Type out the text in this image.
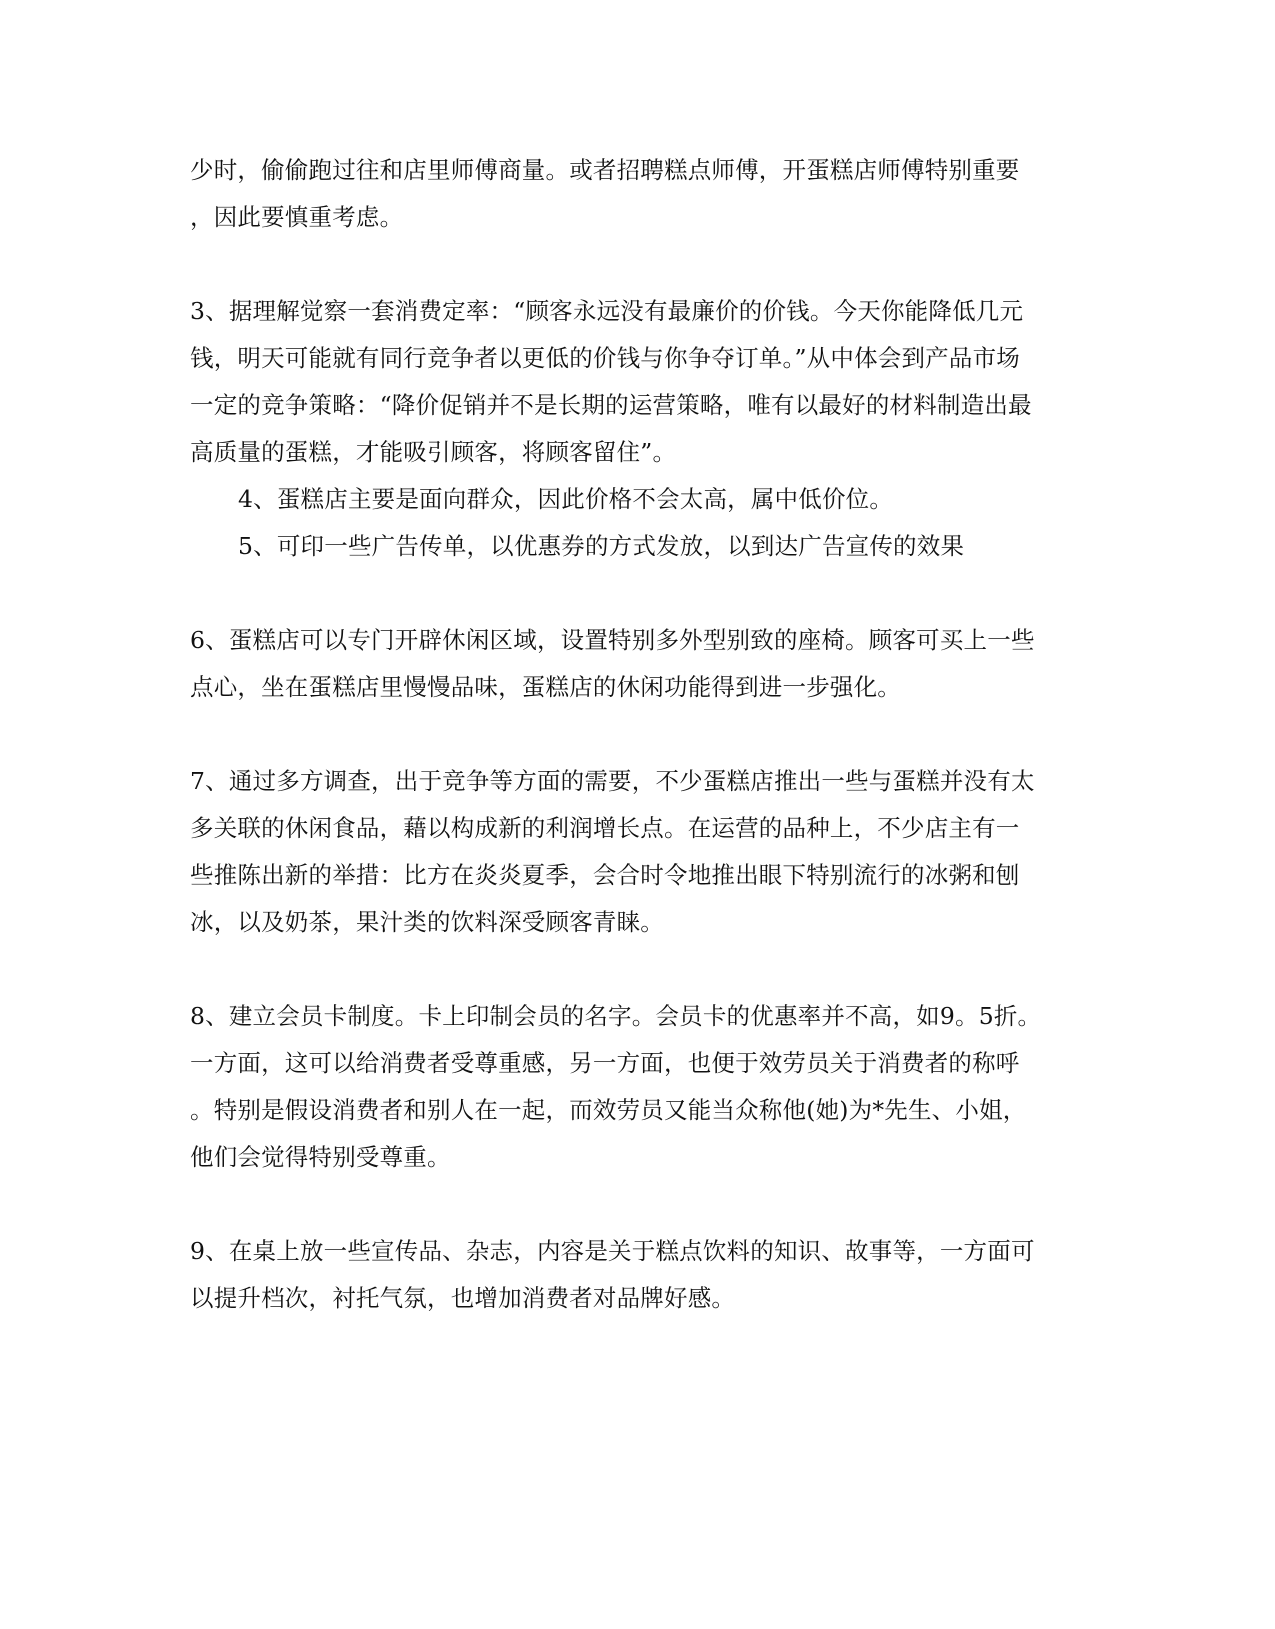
少时，偷偷跑过往和店里师傅商量。或者招聘糕点师傅，开蛋糕店师傅特别重要
，因此要慎重考虑。
3、据理解觉察一套消费定率：“顾客永远没有最廉价的价钱。今天你能降低几元
钱，明天可能就有同行竞争者以更低的价钱与你争夺订单。”从中体会到产品市场
一定的竞争策略：“降价促销并不是长期的运营策略，唯有以最好的材料制造出最
高质量的蛋糕，才能吸引顾客，将顾客留住”。
4、蛋糕店主要是面向群众，因此价格不会太高，属中低价位。
5、可印一些广告传单，以优惠券的方式发放，以到达广告宣传的效果
6、蛋糕店可以专门开辟休闲区域，设置特别多外型别致的座椅。顾客可买上一些
点心，坐在蛋糕店里慢慢品味，蛋糕店的休闲功能得到进一步强化。
7、通过多方调查，出于竞争等方面的需要，不少蛋糕店推出一些与蛋糕并没有太
多关联的休闲食品，藉以构成新的利润增长点。在运营的品种上，不少店主有一
些推陈出新的举措：比方在炎炎夏季，会合时令地推出眼下特别流行的冰粥和刨
冰，以及奶茶，果汁类的饮料深受顾客青睐。
8、建立会员卡制度。卡上印制会员的名字。会员卡的优惠率并不高，如9。5折。
一方面，这可以给消费者受尊重感，另一方面，也便于效劳员关于消费者的称呼
。特别是假设消费者和别人在一起，而效劳员又能当众称他(她)为*先生、小姐，
他们会觉得特别受尊重。
9、在桌上放一些宣传品、杂志，内容是关于糕点饮料的知识、故事等，一方面可
以提升档次，衬托气氛，也增加消费者对品牌好感。
